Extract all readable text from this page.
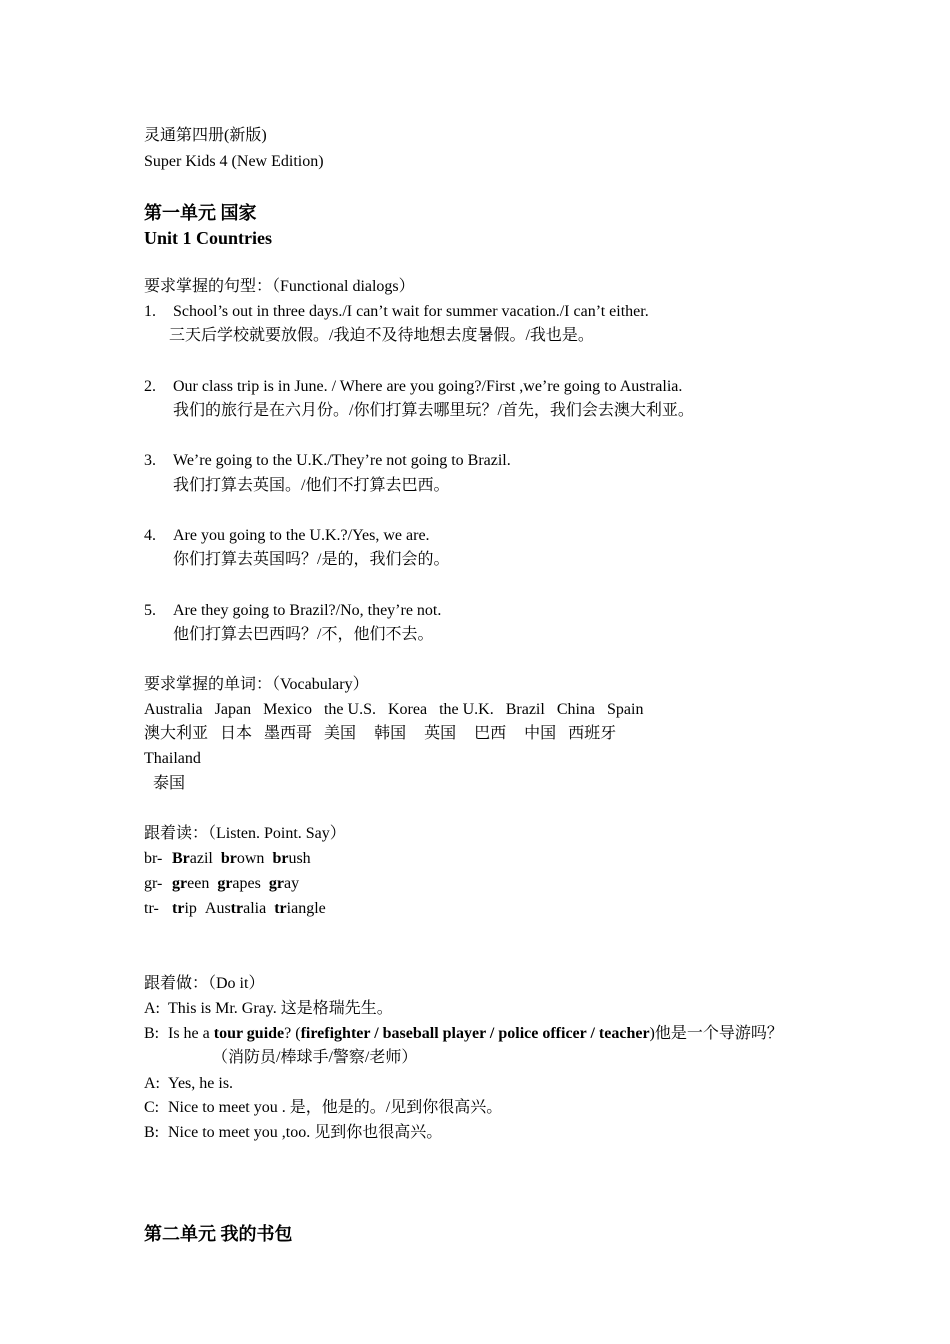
灵通第四册(新版)
Super Kids 4 (New Edition)
第一单元 国家
Unit 1 Countries
要求掌握的句型：（Functional dialogs）
1. School’s out in three days./I can’t wait for summer vacation./I can’t either.
三天后学校就要放假。/我迫不及待地想去度暑假。/我也是。
2. Our class trip is in June. / Where are you going?/First ,we’re going to Australia.
我们的旅行是在六月份。/你们打算去哪里玩？/首先，我们会去澳大利亚。
3. We’re going to the U.K./They’re not going to Brazil.
我们打算去英国。/他们不打算去巴西。
4. Are you going to the U.K.?/Yes, we are.
你们打算去英国吗？/是的，我们会的。
5. Are they going to Brazil?/No, they’re not.
他们打算去巴西吗？/不，他们不去。
要求掌握的单词：（Vocabulary）
Australia Japan Mexico the U.S. Korea the U.K. Brazil China Spain
澳大利亚 日本 墨西哥 美国 韩国 英国 巴西 中国 西班牙
Thailand
泰国
跟着读：（Listen. Point. Say）
br- Brazil brown brush
gr- green grapes gray
tr- trip Australia triangle
跟着做：（Do it）
A: This is Mr. Gray. 这是格瑞先生。
B: Is he a tour guide? (firefighter / baseball player / police officer / teacher)他是一个导游吗？
（消防员/棒球手/警察/老师）
A: Yes, he is.
C: Nice to meet you . 是，他是的。/见到你很高兴。
B: Nice to meet you ,too. 见到你也很高兴。
第二单元 我的书包
